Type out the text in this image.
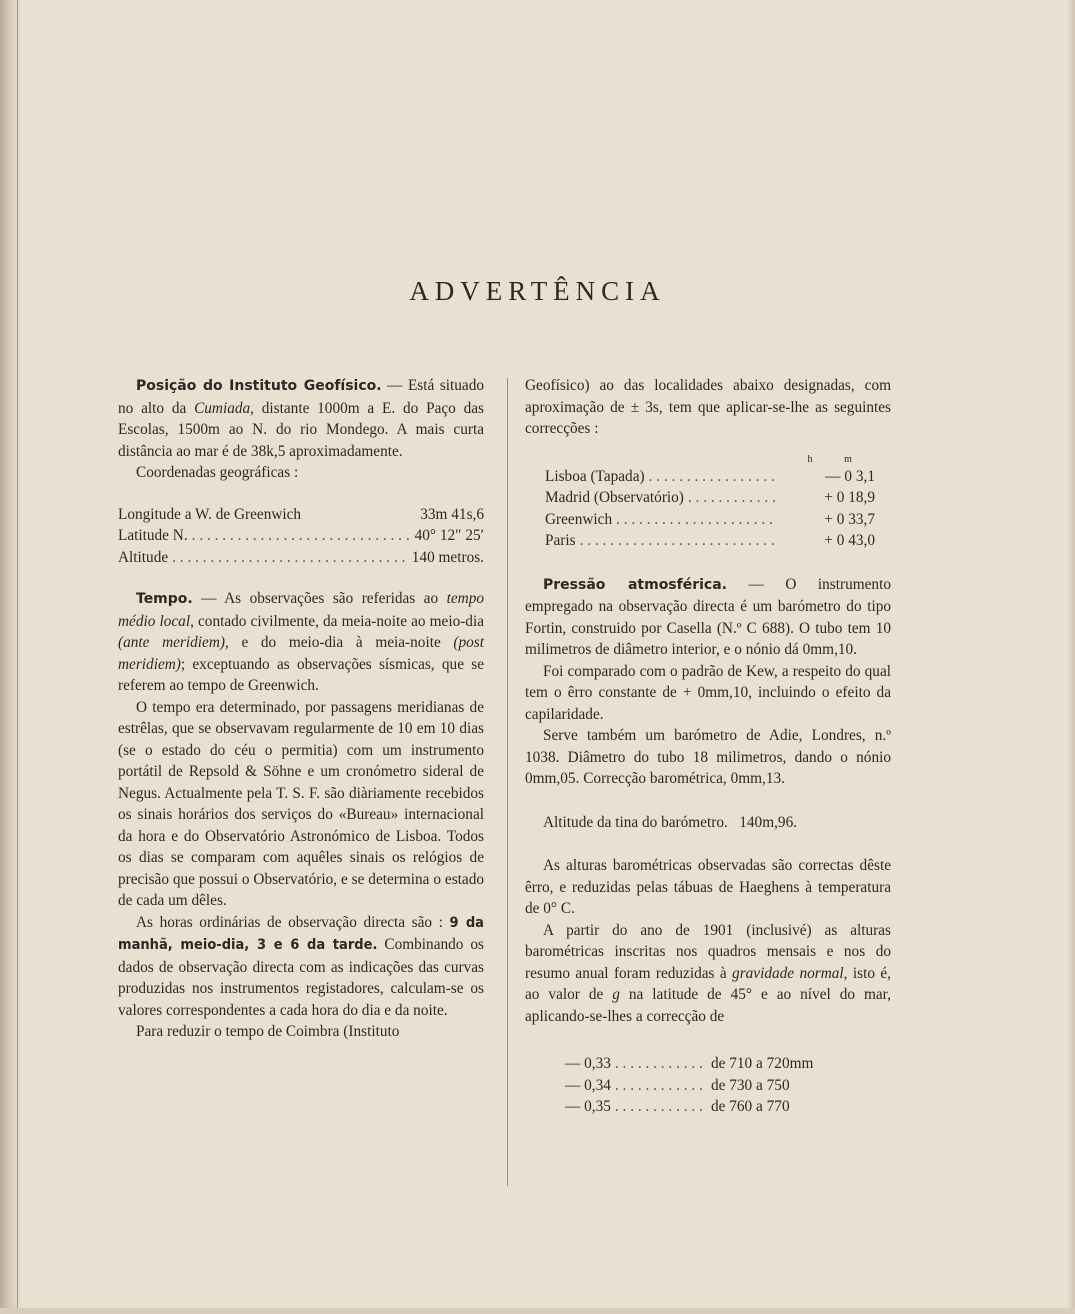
ADVERTÊNCIA

Posição do Instituto Geofísico. — Está situado no alto da Cumiada, distante 1000m a E. do Paço das Escolas, 1500m ao N. do rio Mondego. A mais curta distância ao mar é de 38k,5 aproximadamente.

Coordenadas geográficas :

Longitude a W. de Greenwich	33m 41s,6
Latitude N. . . .	40° 12″ 25′
Altitude . . .	140 metros.

Tempo. — As observações são referidas ao tempo médio local, contado civilmente, da meia-noite ao meio-dia (ante meridiem), e do meio-dia à meia-noite (post meridiem); exceptuando as observações sísmicas, que se referem ao tempo de Greenwich.

O tempo era determinado, por passagens meridianas de estrêlas, que se observavam regularmente de 10 em 10 dias (se o estado do céu o permitia) com um instrumento portátil de Repsold & Söhne e um cronómetro sideral de Negus. Actualmente pela T. S. F. são diàriamente recebidos os sinais horários dos serviços do «Bureau» internacional da hora e do Observatório Astronómico de Lisboa. Todos os dias se comparam com aquêles sinais os relógios de precisão que possui o Observatório, e se determina o estado de cada um dêles.

As horas ordinárias de observação directa são : 9 da manhã, meio-dia, 3 e 6 da tarde. Combinando os dados de observação directa com as indicações das curvas produzidas nos instrumentos registadores, calculam-se os valores correspondentes a cada hora do dia e da noite.

Para reduzir o tempo de Coimbra (Instituto

Geofísico) ao das localidades abaixo designadas, com aproximação de ± 3s, tem que aplicar-se-lhe as seguintes correcções :

h	m
Lisboa (Tapada) . . .	— 0 3,1
Madrid (Observatório) . . .	+ 0 18,9
Greenwich . . .	+ 0 33,7
Paris . . .	+ 0 43,0

Pressão atmosférica. — O instrumento empregado na observação directa é um barómetro do tipo Fortin, construido por Casella (N.º C 688). O tubo tem 10 milimetros de diâmetro interior, e o nónio dá 0mm,10.

Foi comparado com o padrão de Kew, a respeito do qual tem o êrro constante de + 0mm,10, incluindo o efeito da capilaridade.

Serve também um barómetro de Adie, Londres, n.º 1038. Diâmetro do tubo 18 milimetros, dando o nónio 0mm,05. Correcção barométrica, 0mm,13.

Altitude da tina do barómetro.   140m,96.

As alturas barométricas observadas são correctas dêste êrro, e reduzidas pelas tábuas de Haeghens à temperatura de 0° C.

A partir do ano de 1901 (inclusivé) as alturas barométricas inscritas nos quadros mensais e nos do resumo anual foram reduzidas à gravidade normal, isto é, ao valor de g na latitude de 45° e ao nível do mar, aplicando-se-lhes a correcção de

— 0,33 . . .	de 710 a 720mm
— 0,34 . . .	de 730 a 750
— 0,35 . . .	de 760 a 770
